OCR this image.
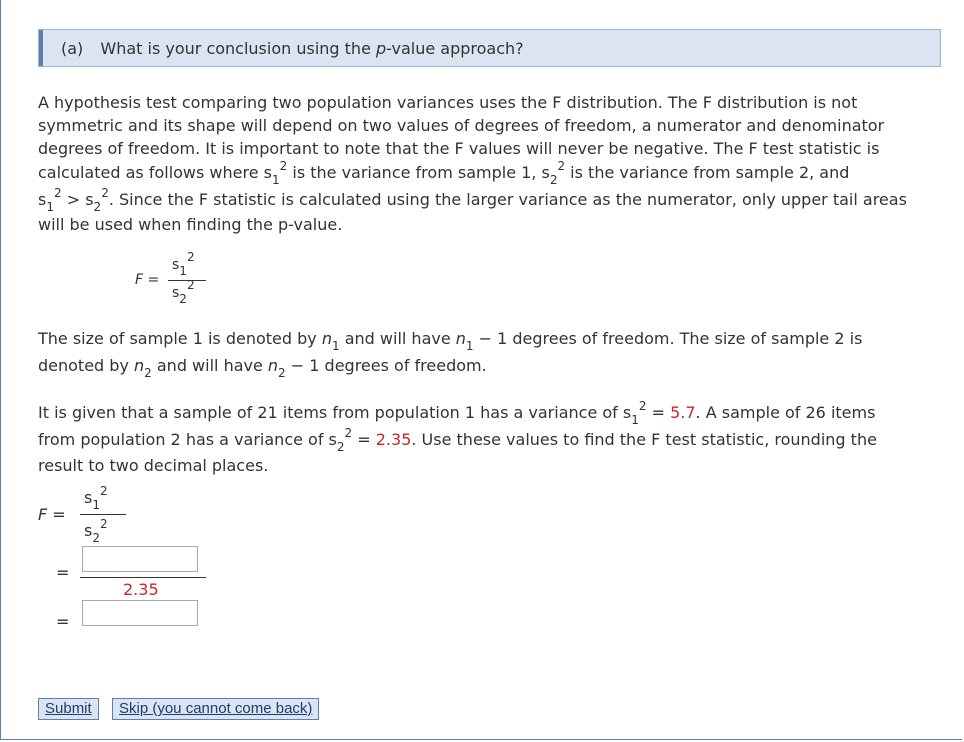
(a) What is your conclusion using the p-value approach?
A hypothesis test comparing two population variances uses the F distribution. The F distribution is not
symmetric and its shape will depend on two values of degrees of freedom, a numerator and denominator
degrees of freedom. It is important to note that the F values will never be negative. The F test statistic is
calculated as follows where $s_1^2$ is the variance from sample 1, $s_2^2$ is the variance from sample 2, and
$s_1^2 > s_2^2$. Since the F statistic is calculated using the larger variance as the numerator, only upper tail areas
will be used when finding the p-value.
F =
s12
s22
The size of sample 1 is denoted by $n_1$ and will have $n_1 - 1$ degrees of freedom. The size of sample 2 is
denoted by $n_2$ and will have $n_2 - 1$ degrees of freedom.
It is given that a sample of 21 items from population 1 has a variance of $s_1^2 = 5.7$. A sample of 26 items
from population 2 has a variance of $s_2^2 = 2.35$. Use these values to find the F test statistic, rounding the
result to two decimal places.
F =
$s_1^2$
$s_2^2$
=
2.35
=
Submit	Skip (you cannot come back)
